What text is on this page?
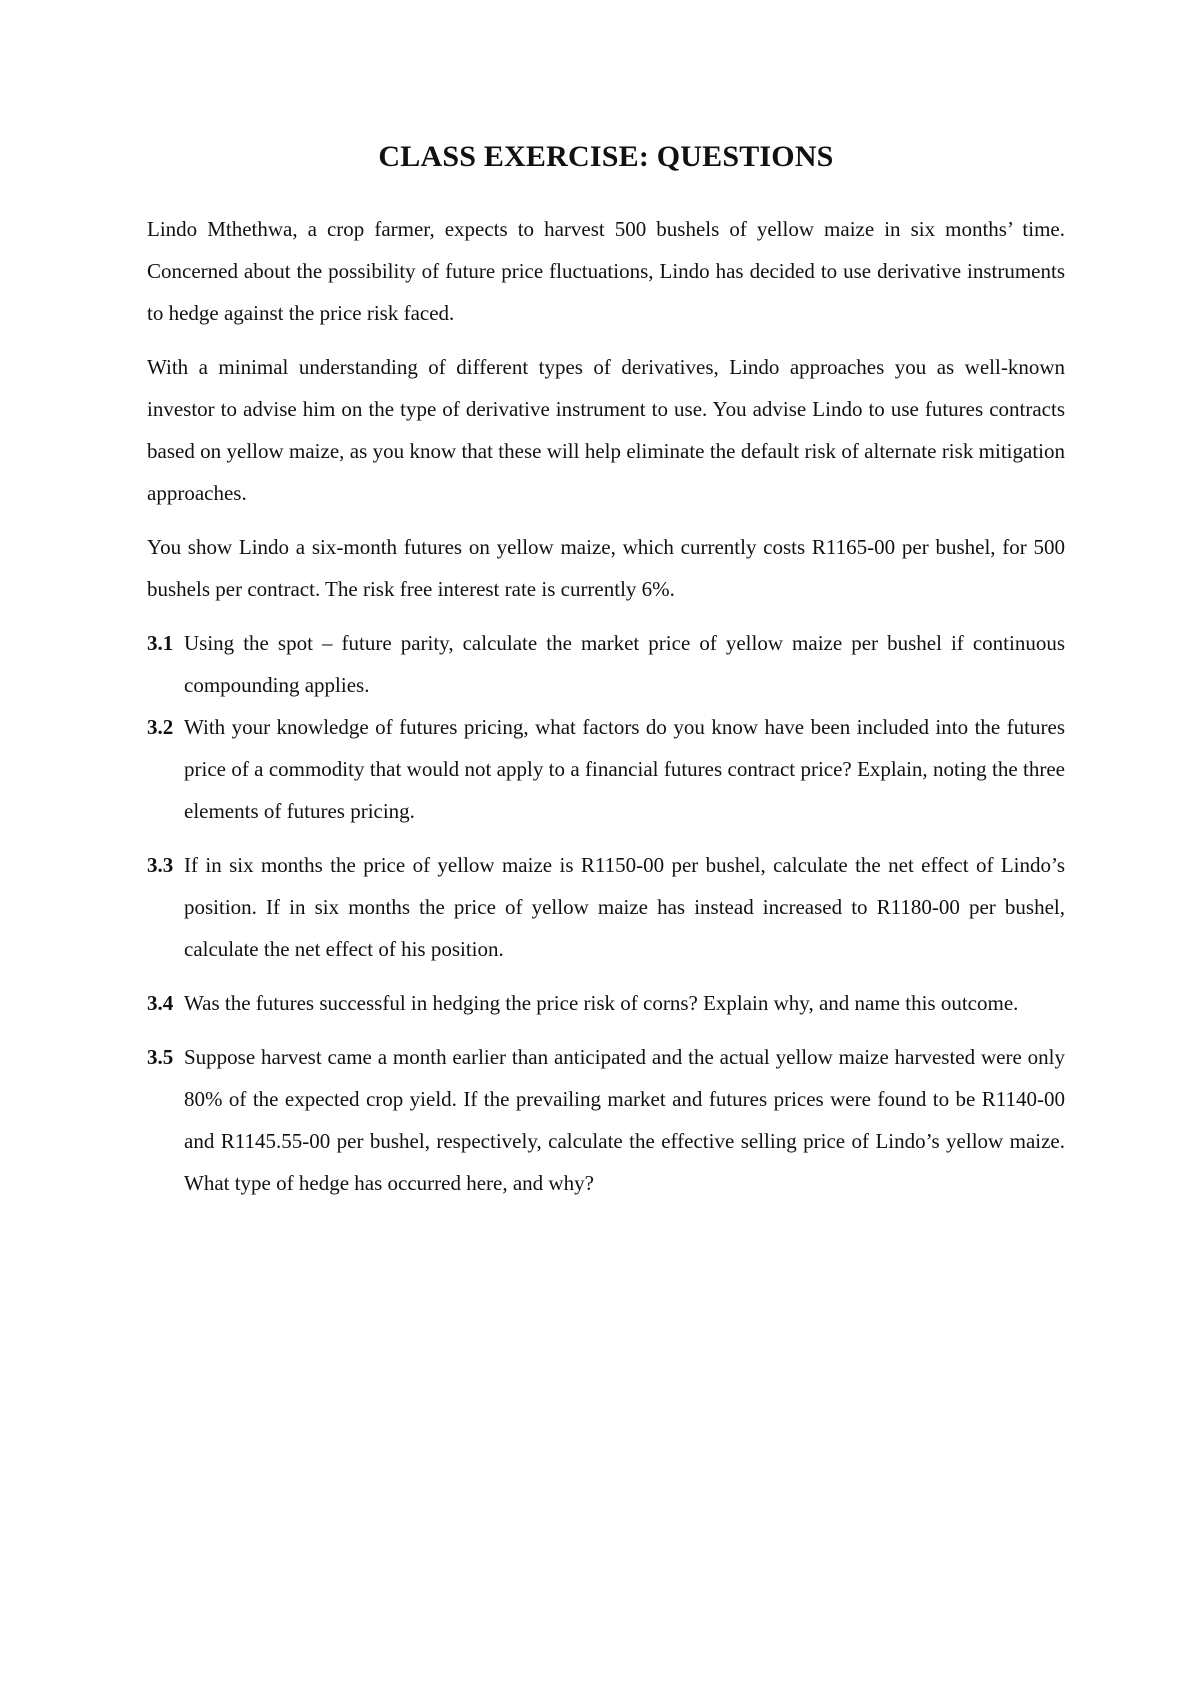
CLASS EXERCISE: QUESTIONS

Lindo Mthethwa, a crop farmer, expects to harvest 500 bushels of yellow maize in six months’ time. Concerned about the possibility of future price fluctuations, Lindo has decided to use derivative instruments to hedge against the price risk faced.

With a minimal understanding of different types of derivatives, Lindo approaches you as well-known investor to advise him on the type of derivative instrument to use. You advise Lindo to use futures contracts based on yellow maize, as you know that these will help eliminate the default risk of alternate risk mitigation approaches.

You show Lindo a six-month futures on yellow maize, which currently costs R1165-00 per bushel, for 500 bushels per contract. The risk free interest rate is currently 6%.

3.1 Using the spot – future parity, calculate the market price of yellow maize per bushel if continuous compounding applies.
3.2 With your knowledge of futures pricing, what factors do you know have been included into the futures price of a commodity that would not apply to a financial futures contract price? Explain, noting the three elements of futures pricing.
3.3 If in six months the price of yellow maize is R1150-00 per bushel, calculate the net effect of Lindo’s position. If in six months the price of yellow maize has instead increased to R1180-00 per bushel, calculate the net effect of his position.
3.4 Was the futures successful in hedging the price risk of corns? Explain why, and name this outcome.
3.5 Suppose harvest came a month earlier than anticipated and the actual yellow maize harvested were only 80% of the expected crop yield. If the prevailing market and futures prices were found to be R1140-00 and R1145.55-00 per bushel, respectively, calculate the effective selling price of Lindo’s yellow maize. What type of hedge has occurred here, and why?
